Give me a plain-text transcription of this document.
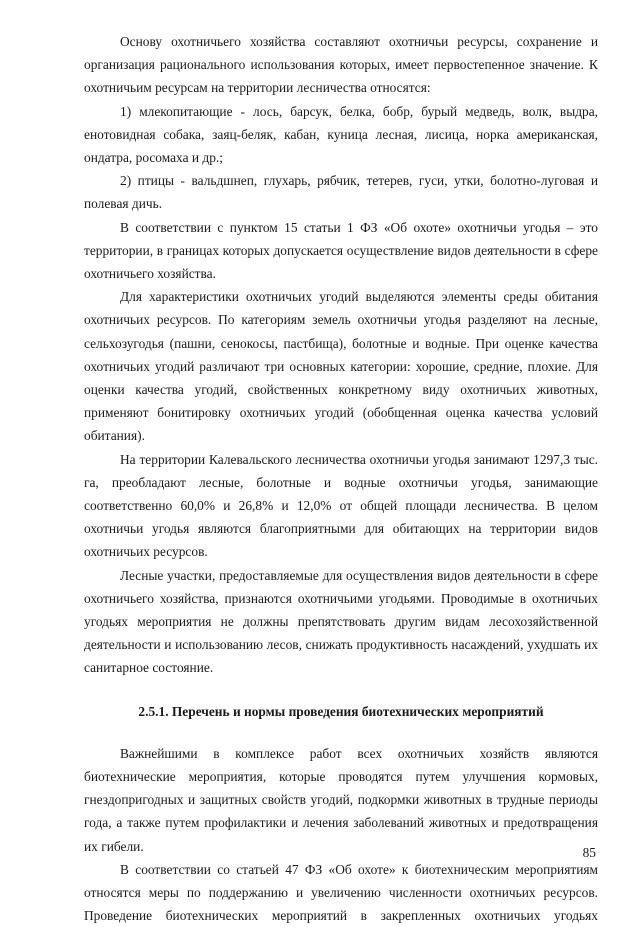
Основу охотничьего хозяйства составляют охотничьи ресурсы, сохранение и организация рационального использования которых, имеет первостепенное значение. К охотничьим ресурсам на территории лесничества относятся:

1) млекопитающие - лось, барсук, белка, бобр, бурый медведь, волк, выдра, енотовидная собака, заяц-беляк, кабан, куница лесная, лисица, норка американская, ондатра, росомаха и др.;

2) птицы - вальдшнеп, глухарь, рябчик, тетерев, гуси, утки, болотно-луговая и полевая дичь.

В соответствии с пунктом 15 статьи 1 ФЗ «Об охоте» охотничьи угодья – это территории, в границах которых допускается осуществление видов деятельности в сфере охотничьего хозяйства.

Для характеристики охотничьих угодий выделяются элементы среды обитания охотничьих ресурсов. По категориям земель охотничьи угодья разделяют на лесные, сельхозугодья (пашни, сенокосы, пастбища), болотные и водные. При оценке качества охотничьих угодий различают три основных категории: хорошие, средние, плохие. Для оценки качества угодий, свойственных конкретному виду охотничьих животных, применяют бонитировку охотничьих угодий (обобщенная оценка качества условий обитания).

На территории Калевальского лесничества охотничьи угодья занимают 1297,3 тыс. га, преобладают лесные, болотные и водные охотничьи угодья, занимающие соответственно 60,0% и 26,8% и 12,0% от общей площади лесничества. В целом охотничьи угодья являются благоприятными для обитающих на территории видов охотничьих ресурсов.

Лесные участки, предоставляемые для осуществления видов деятельности в сфере охотничьего хозяйства, признаются охотничьими угодьями. Проводимые в охотничьих угодьях мероприятия не должны препятствовать другим видам лесохозяйственной деятельности и использованию лесов, снижать продуктивность насаждений, ухудшать их санитарное состояние.

2.5.1. Перечень и нормы проведения биотехнических мероприятий

Важнейшими в комплексе работ всех охотничьих хозяйств являются биотехнические мероприятия, которые проводятся путем улучшения кормовых, гнездопригодных и защитных свойств угодий, подкормки животных в трудные периоды года, а также путем профилактики и лечения заболеваний животных и предотвращения их гибели.

В соответствии со статьей 47 ФЗ «Об охоте» к биотехническим мероприятиям относятся меры по поддержанию и увеличению численности охотничьих ресурсов. Проведение биотехнических мероприятий в закрепленных охотничьих угодьях

85
